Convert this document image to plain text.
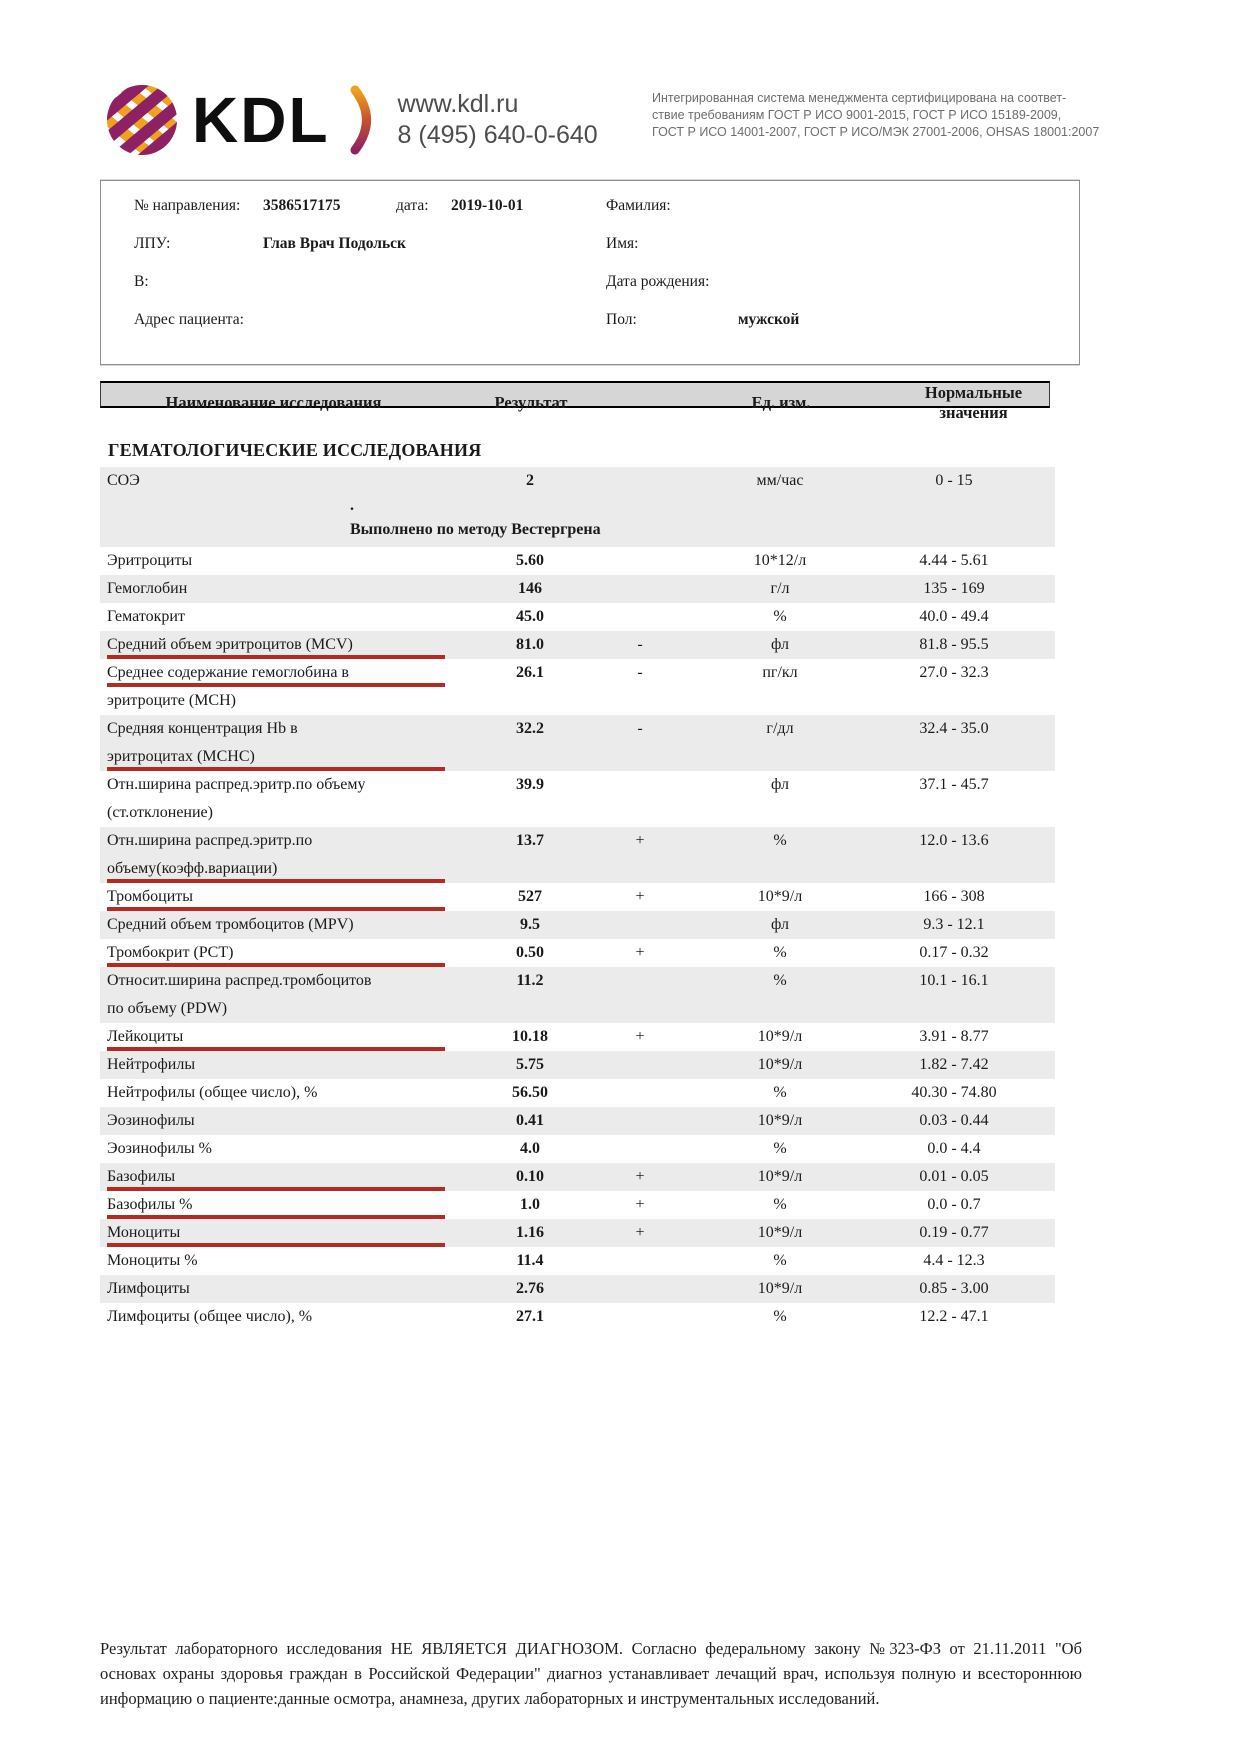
KDL	www.kdl.ru
8 (495) 640-0-640
Интегрированная система менеджмента сертифицирована на соответ-
ствие требованиям ГОСТ Р ИСО 9001-2015, ГОСТ Р ИСО 15189-2009,
ГОСТ Р ИСО 14001-2007, ГОСТ Р ИСО/МЭК 27001-2006, OHSAS 18001:2007
№ направления:	3586517175	дата:	2019-10-01	Фамилия:
ЛПУ:	Глав Врач Подольск	Имя:
В:	Дата рождения:
Адрес пациента:	Пол:	мужской
Наименование исследования	Результат	Ед. изм.
Нормальные значения
ГЕМАТОЛОГИЧЕСКИЕ ИССЛЕДОВАНИЯ
СОЭ	2	мм/час	0 - 15
.
Выполнено по методу Вестергрена
Эритроциты	5.60	10*12/л	4.44 - 5.61
Гемоглобин	146	г/л	135 - 169
Гематокрит	45.0	%	40.0 - 49.4
Средний объем эритроцитов (MCV)	81.0	-	фл	81.8 - 95.5
Среднее содержание гемоглобина в
эритроците (MCH)
26.1	-	пг/кл	27.0 - 32.3
Средняя концентрация Hb в
эритроцитах (MCHC)
32.2	-	г/дл	32.4 - 35.0
Отн.ширина распред.эритр.по объему
(ст.отклонение)
39.9	фл	37.1 - 45.7
Отн.ширина распред.эритр.по
объему(коэфф.вариации)
13.7	+	%	12.0 - 13.6
Тромбоциты	527	+	10*9/л	166 - 308
Средний объем тромбоцитов (MPV)	9.5	фл	9.3 - 12.1
Тромбокрит (PCT)	0.50	+	%	0.17 - 0.32
Относит.ширина распред.тромбоцитов
по объему (PDW)
11.2	%	10.1 - 16.1
Лейкоциты	10.18	+	10*9/л	3.91 - 8.77
Нейтрофилы	5.75	10*9/л	1.82 - 7.42
Нейтрофилы (общее число), %	56.50	%	40.30 - 74.80
Эозинофилы	0.41	10*9/л	0.03 - 0.44
Эозинофилы %	4.0	%	0.0 - 4.4
Базофилы	0.10	+	10*9/л	0.01 - 0.05
Базофилы %	1.0	+	%	0.0 - 0.7
Моноциты	1.16	+	10*9/л	0.19 - 0.77
Моноциты %	11.4	%	4.4 - 12.3
Лимфоциты	2.76	10*9/л	0.85 - 3.00
Лимфоциты (общее число), %	27.1	%	12.2 - 47.1
Результат лабораторного исследования НЕ ЯВЛЯЕТСЯ ДИАГНОЗОМ. Согласно федеральному закону №323-ФЗ от 21.11.2011 "Об основах охраны здоровья граждан в Российской Федерации" диагноз устанавливает лечащий врач, используя полную и всестороннюю информацию о пациенте:данные осмотра, анамнеза, других лабораторных и инструментальных исследований.
